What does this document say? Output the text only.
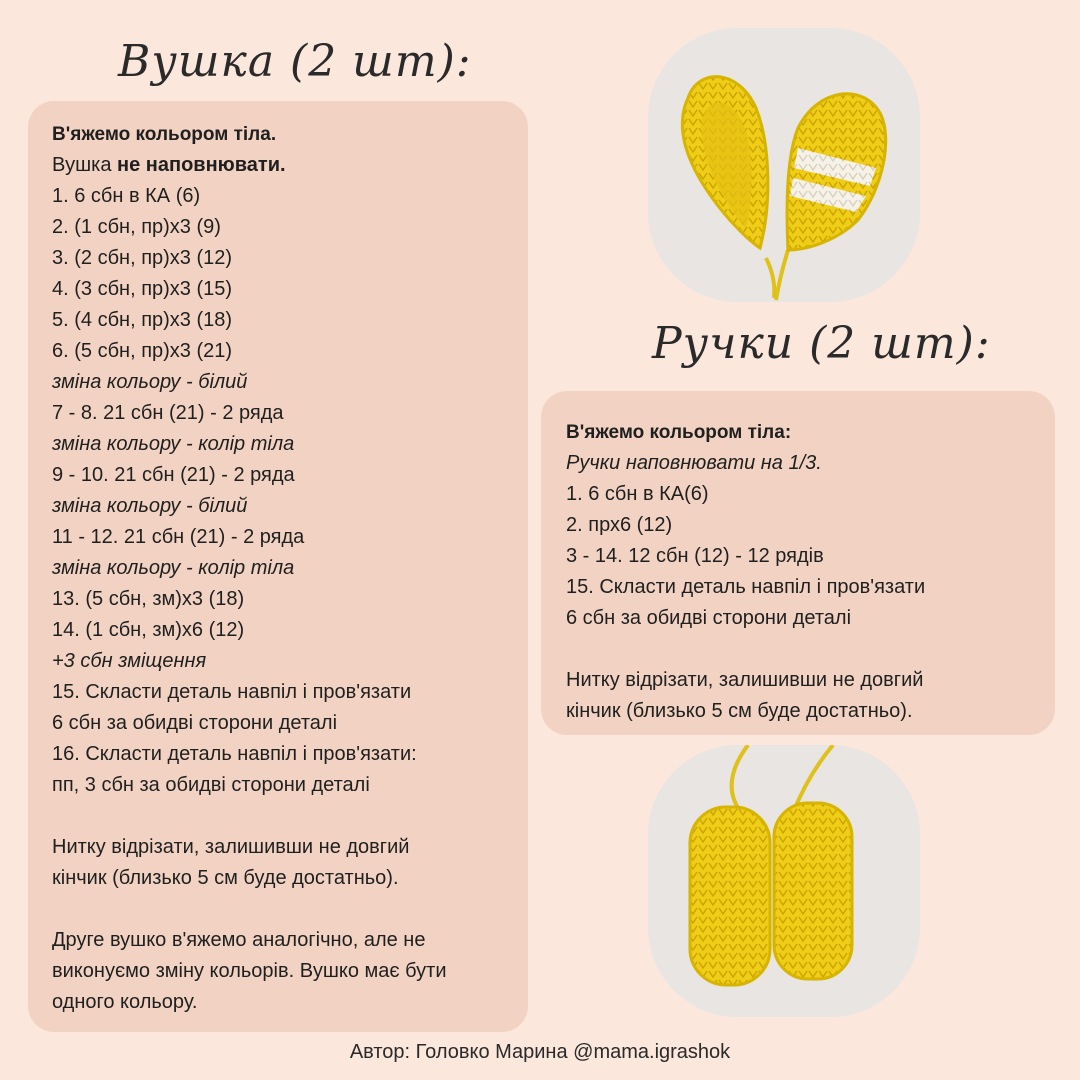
Вушка (2 шт):
В'яжемо кольором тіла.
Вушка не наповнювати.
1. 6 сбн в КА (6)
2. (1 сбн, пр)х3 (9)
3. (2 сбн, пр)х3 (12)
4. (3 сбн, пр)х3 (15)
5. (4 сбн, пр)х3 (18)
6. (5 сбн, пр)х3 (21)
зміна кольору - білий
7 - 8. 21 сбн (21) - 2 ряда
зміна кольору - колір тіла
9 - 10. 21 сбн (21) - 2 ряда
зміна кольору - білий
11 - 12. 21 сбн (21) - 2 ряда
зміна кольору - колір тіла
13. (5 сбн, зм)х3 (18)
14. (1 сбн, зм)х6 (12)
+3 сбн зміщення
15. Скласти деталь навпіл і пров'язати
6 сбн за обидві сторони деталі
16. Скласти деталь навпіл і пров'язати:
пп, 3 сбн за обидві сторони деталі
Нитку відрізати, залишивши не довгий
кінчик (близько 5 см буде достатньо).
Друге вушко в'яжемо аналогічно, але не
виконуємо зміну кольорів. Вушко має бути
одного кольору.
Ручки (2 шт):
В'яжемо кольором тіла:
Ручки наповнювати на 1/3.
1. 6 сбн в КА(6)
2. прх6 (12)
3 - 14. 12 сбн (12) - 12 рядів
15. Скласти деталь навпіл і пров'язати
6 сбн за обидві сторони деталі
Нитку відрізати, залишивши не довгий
кінчик (близько 5 см буде достатньо).
Автор: Головко Марина @mama.igrashok
